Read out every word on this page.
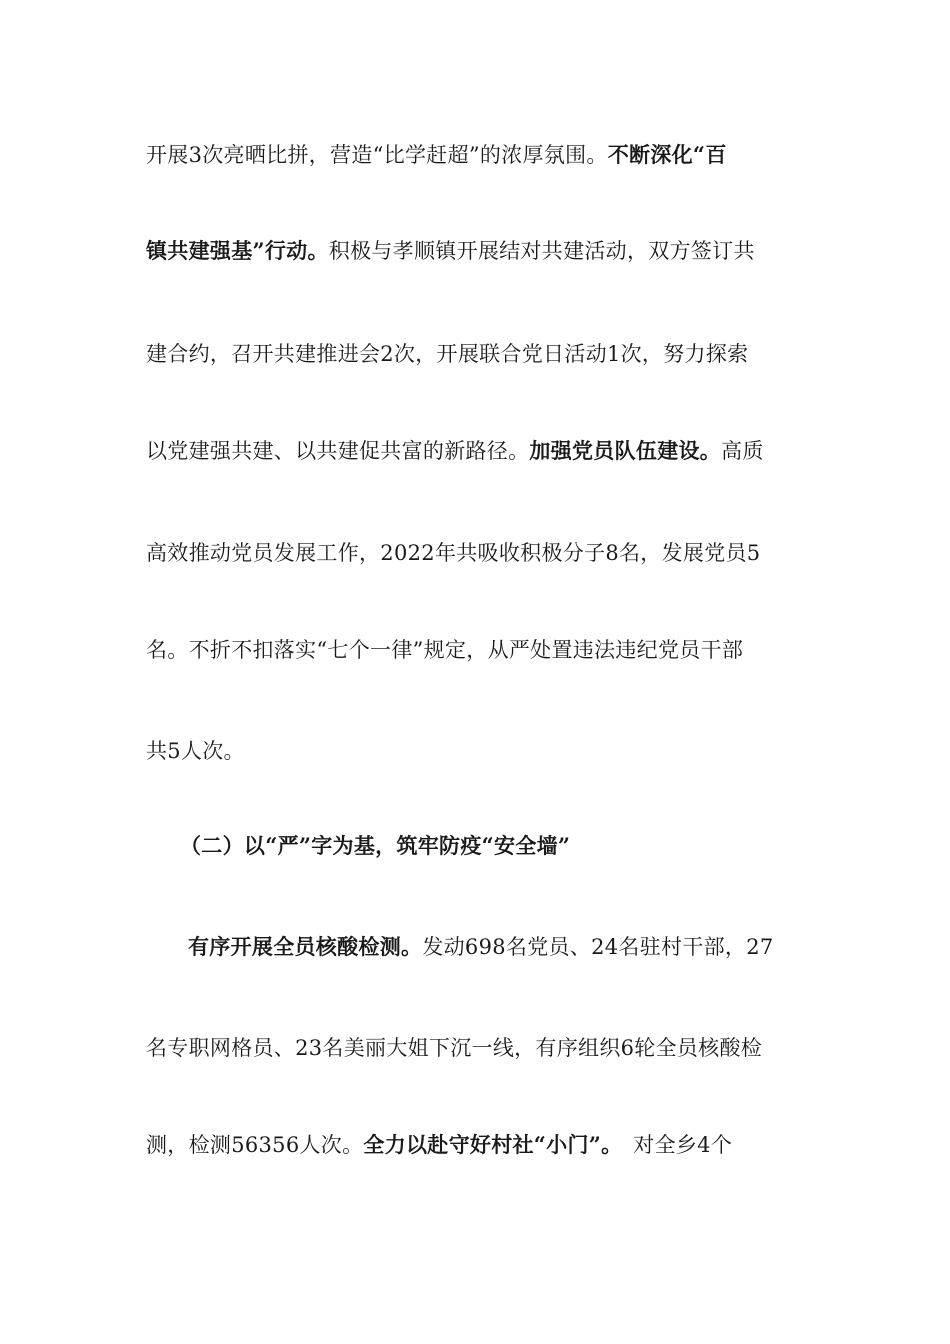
开展3次亮晒比拼，营造“比学赶超”的浓厚氛围。不断深化“百
镇共建强基”行动。积极与孝顺镇开展结对共建活动，双方签订共
建合约，召开共建推进会2次，开展联合党日活动1次，努力探索
以党建强共建、以共建促共富的新路径。加强党员队伍建设。高质
高效推动党员发展工作，2022年共吸收积极分子8名，发展党员5
名。不折不扣落实“七个一律”规定，从严处置违法违纪党员干部
共5人次。
（二）以“严”字为基，筑牢防疫“安全墙”
有序开展全员核酸检测。发动698名党员、24名驻村干部，27
名专职网格员、23名美丽大姐下沉一线，有序组织6轮全员核酸检
测，检测56356人次。全力以赴守好村社“小门”。　对全乡4个
